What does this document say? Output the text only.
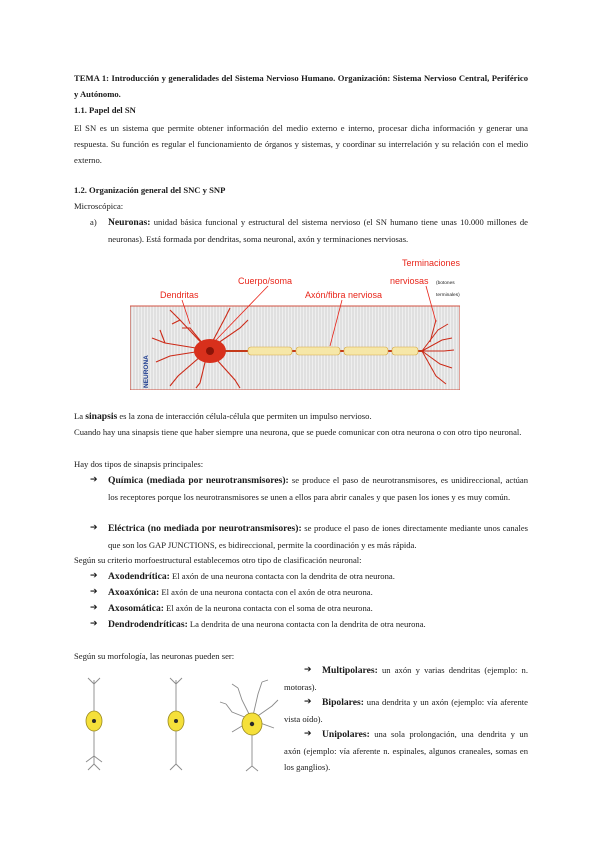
TEMA 1: Introducción y generalidades del Sistema Nervioso Humano. Organización: Sistema Nervioso Central, Periférico y Autónomo.

1.1. Papel del SN

El SN es un sistema que permite obtener información del medio externo e interno, procesar dicha información y generar una respuesta. Su función es regular el funcionamiento de órganos y sistemas, y coordinar su interrelación y su relación con el medio externo.

1.2. Organización general del SNC y SNP

Microscópica:

a) Neuronas: unidad básica funcional y estructural del sistema nervioso (el SN humano tiene unas 10.000 millones de neuronas). Está formada por dendritas, soma neuronal, axón y terminaciones nerviosas.

NEURONA
Dendritas
Cuerpo/soma
Axón/fibra nerviosa
Terminaciones
nerviosas (botones
terminales)

La sinapsis es la zona de interacción célula-célula que permiten un impulso nervioso.

Cuando hay una sinapsis tiene que haber siempre una neurona, que se puede comunicar con otra neurona o con otro tipo neuronal.

Hay dos tipos de sinapsis principales:

➔ Química (mediada por neurotransmisores): se produce el paso de neurotransmisores, es unidireccional, actúan los receptores porque los neurotransmisores se unen a ellos para abrir canales y que pasen los iones y es muy común.

➔ Eléctrica (no mediada por neurotransmisores): se produce el paso de iones directamente mediante unos canales que son los GAP JUNCTIONS, es bidireccional, permite la coordinación y es más rápida.

Según su criterio morfoestructural establecemos otro tipo de clasificación neuronal:

➔ Axodendrítica: El axón de una neurona contacta con la dendrita de otra neurona.

➔ Axoaxónica: El axón de una neurona contacta con el axón de otra neurona.

➔ Axosomática: El axón de la neurona contacta con el soma de otra neurona.

➔ Dendrodendríticas: La dendrita de una neurona contacta con la dendrita de otra neurona.

Según su morfología, las neuronas pueden ser:

➔	Multipolares: un axón y varias dendritas (ejemplo: n. motoras).

➔	Bipolares: una dendrita y un axón (ejemplo: vía aferente vista oído).

➔	Unipolares: una sola prolongación, una dendrita y un axón (ejemplo: vía aferente n. espinales, algunos craneales, somas en los ganglios).
